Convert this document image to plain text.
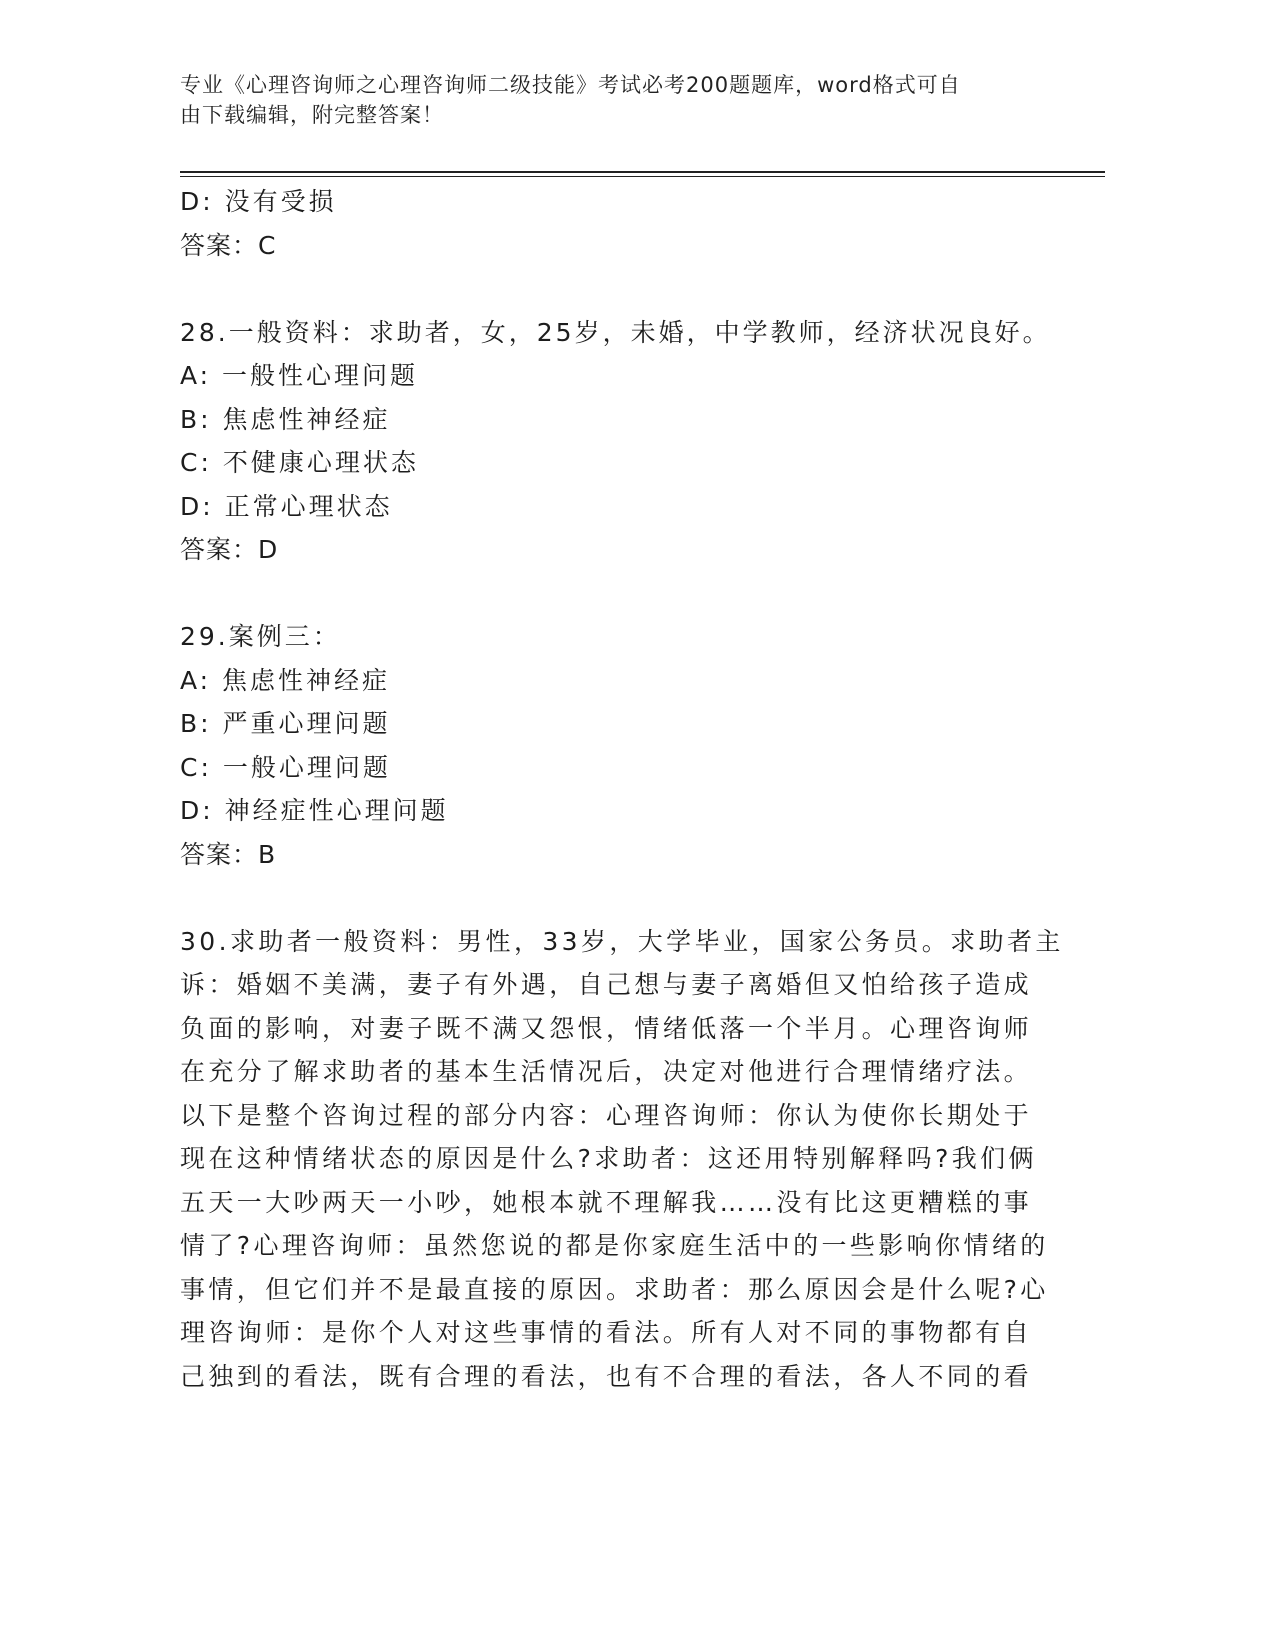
专业《心理咨询师之心理咨询师二级技能》考试必考200题题库，word格式可自
由下载编辑，附完整答案！
D: 没有受损
答案：C
28.一般资料：求助者，女，25岁，未婚，中学教师，经济状况良好。
A: 一般性心理问题
B: 焦虑性神经症
C: 不健康心理状态
D: 正常心理状态
答案：D
29.案例三：
A: 焦虑性神经症
B: 严重心理问题
C: 一般心理问题
D: 神经症性心理问题
答案：B
30.求助者一般资料：男性，33岁，大学毕业，国家公务员。求助者主
诉：婚姻不美满，妻子有外遇，自己想与妻子离婚但又怕给孩子造成
负面的影响，对妻子既不满又怨恨，情绪低落一个半月。心理咨询师
在充分了解求助者的基本生活情况后，决定对他进行合理情绪疗法。
以下是整个咨询过程的部分内容：心理咨询师：你认为使你长期处于
现在这种情绪状态的原因是什么?求助者：这还用特别解释吗?我们俩
五天一大吵两天一小吵，她根本就不理解我……没有比这更糟糕的事
情了?心理咨询师：虽然您说的都是你家庭生活中的一些影响你情绪的
事情，但它们并不是最直接的原因。求助者：那么原因会是什么呢?心
理咨询师：是你个人对这些事情的看法。所有人对不同的事物都有自
己独到的看法，既有合理的看法，也有不合理的看法，各人不同的看
